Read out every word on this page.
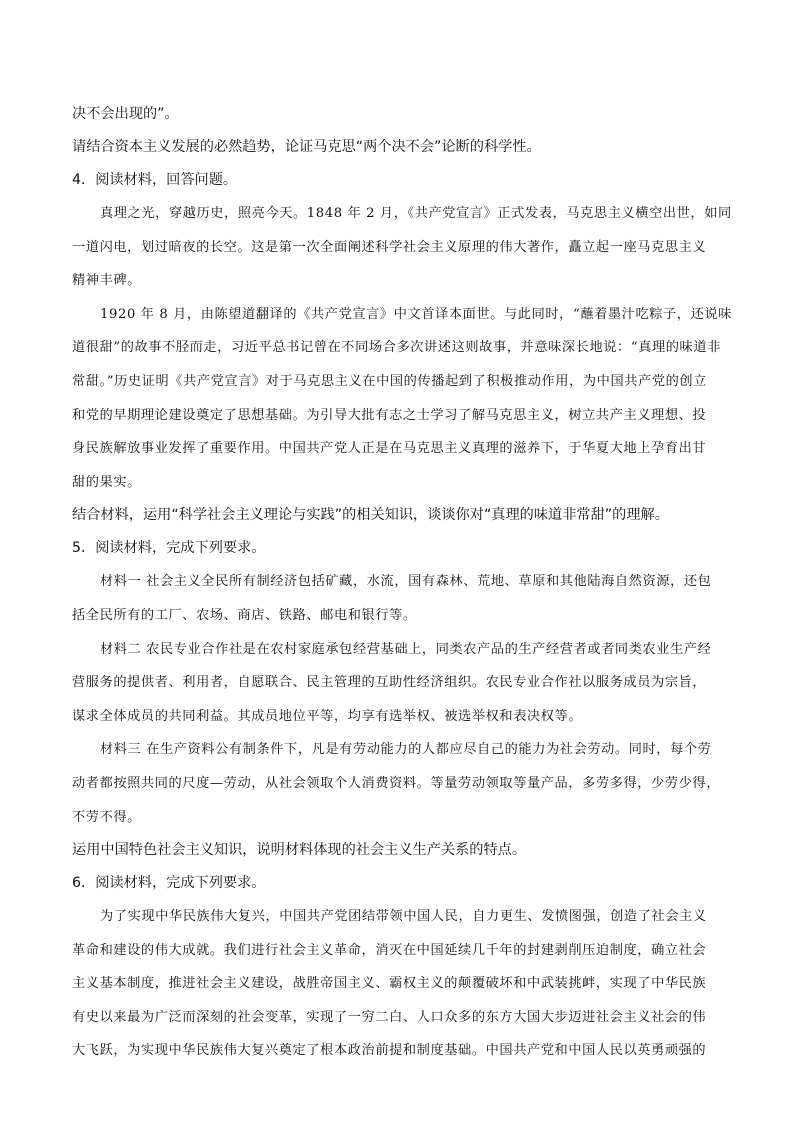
决不会出现的”。
请结合资本主义发展的必然趋势，论证马克思“两个决不会”论断的科学性。
4．阅读材料，回答问题。
真理之光，穿越历史，照亮今天。1848 年 2 月，《共产党宣言》正式发表，马克思主义横空出世，如同
一道闪电，划过暗夜的长空。这是第一次全面阐述科学社会主义原理的伟大著作，矗立起一座马克思主义
精神丰碑。
1920 年 8 月，由陈望道翻译的《共产党宣言》中文首译本面世。与此同时，“蘸着墨汁吃粽子，还说味
道很甜”的故事不胫而走，习近平总书记曾在不同场合多次讲述这则故事，并意味深长地说：“真理的味道非
常甜。”历史证明《共产党宣言》对于马克思主义在中国的传播起到了积极推动作用，为中国共产党的创立
和党的早期理论建设奠定了思想基础。为引导大批有志之士学习了解马克思主义，树立共产主义理想、投
身民族解放事业发挥了重要作用。中国共产党人正是在马克思主义真理的滋养下，于华夏大地上孕育出甘
甜的果实。
结合材料，运用“科学社会主义理论与实践”的相关知识，谈谈你对“真理的味道非常甜”的理解。
5．阅读材料，完成下列要求。
材料一 社会主义全民所有制经济包括矿藏，水流，国有森林、荒地、草原和其他陆海自然资源，还包
括全民所有的工厂、农场、商店、铁路、邮电和银行等。
材料二 农民专业合作社是在农村家庭承包经营基础上，同类农产品的生产经营者或者同类农业生产经
营服务的提供者、利用者，自愿联合、民主管理的互助性经济组织。农民专业合作社以服务成员为宗旨，
谋求全体成员的共同利益。其成员地位平等，均享有选举权、被选举权和表决权等。
材料三 在生产资料公有制条件下，凡是有劳动能力的人都应尽自己的能力为社会劳动。同时，每个劳
动者都按照共同的尺度—劳动，从社会领取个人消费资料。等量劳动领取等量产品，多劳多得，少劳少得，
不劳不得。
运用中国特色社会主义知识，说明材料体现的社会主义生产关系的特点。
6．阅读材料，完成下列要求。
为了实现中华民族伟大复兴，中国共产党团结带领中国人民，自力更生、发愤图强，创造了社会主义
革命和建设的伟大成就。我们进行社会主义革命，消灭在中国延续几千年的封建剥削压迫制度，确立社会
主义基本制度，推进社会主义建设，战胜帝国主义、霸权主义的颠覆破坏和中武装挑衅，实现了中华民族
有史以来最为广泛而深刻的社会变革，实现了一穷二白、人口众多的东方大国大步迈进社会主义社会的伟
大飞跃，为实现中华民族伟大复兴奠定了根本政治前提和制度基础。中国共产党和中国人民以英勇顽强的
